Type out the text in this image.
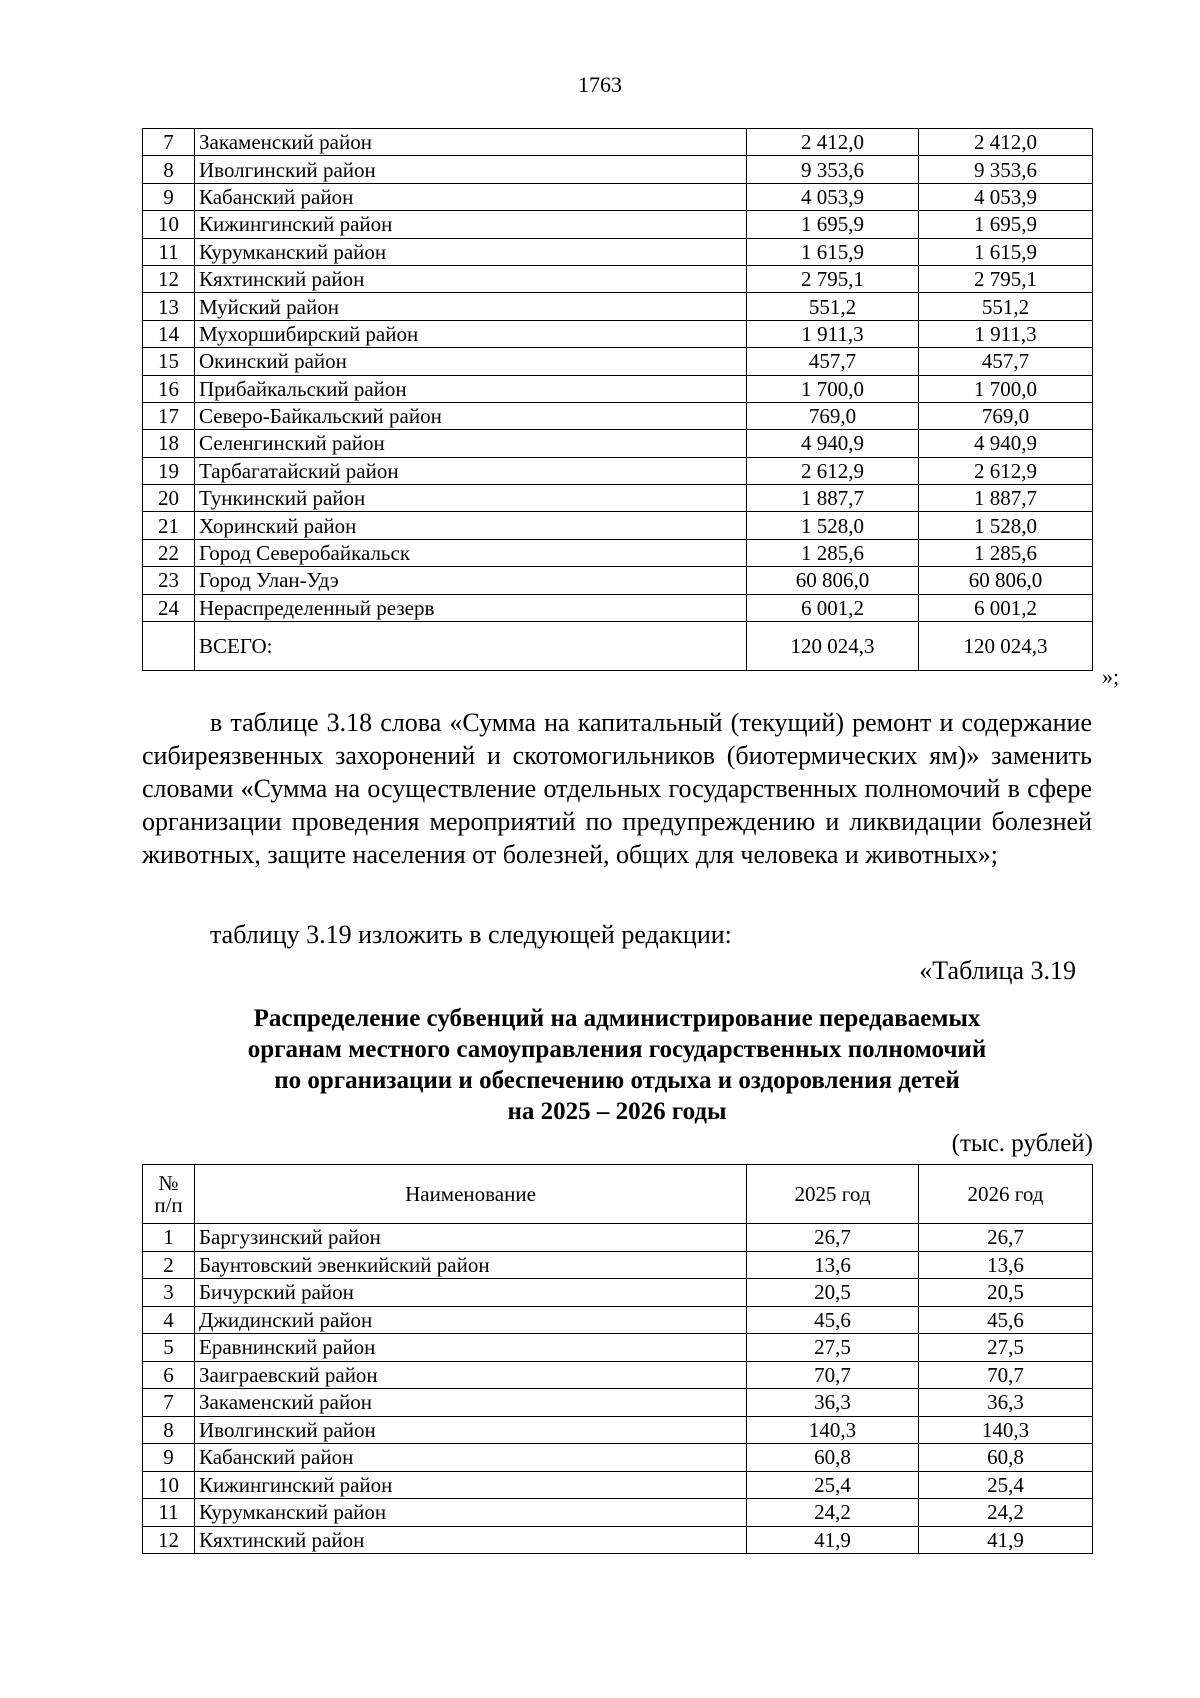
1763
7	Закаменский район	2 412,0	2 412,0
8	Иволгинский район	9 353,6	9 353,6
9	Кабанский район	4 053,9	4 053,9
10	Кижингинский район	1 695,9	1 695,9
11	Курумканский район	1 615,9	1 615,9
12	Кяхтинский район	2 795,1	2 795,1
13	Муйский район	551,2	551,2
14	Мухоршибирский район	1 911,3	1 911,3
15	Окинский район	457,7	457,7
16	Прибайкальский район	1 700,0	1 700,0
17	Северо-Байкальский район	769,0	769,0
18	Селенгинский район	4 940,9	4 940,9
19	Тарбагатайский район	2 612,9	2 612,9
20	Тункинский район	1 887,7	1 887,7
21	Хоринский район	1 528,0	1 528,0
22	Город Северобайкальск	1 285,6	1 285,6
23	Город Улан-Удэ	60 806,0	60 806,0
24	Нераспределенный резерв	6 001,2	6 001,2
	ВСЕГО:	120 024,3	120 024,3
»;
в таблице 3.18 слова «Сумма на капитальный (текущий) ремонт и содержание сибиреязвенных захоронений и скотомогильников (биотермических ям)» заменить словами «Сумма на осуществление отдельных государственных полномочий в сфере организации проведения мероприятий по предупреждению и ликвидации болезней животных, защите населения от болезней, общих для человека и животных»;
таблицу 3.19 изложить в следующей редакции:
«Таблица 3.19
Распределение субвенций на администрирование передаваемых
органам местного самоуправления государственных полномочий
по организации и обеспечению отдыха и оздоровления детей
на 2025 – 2026 годы
(тыс. рублей)
№
п/п	Наименование	2025 год	2026 год
1	Баргузинский район	26,7	26,7
2	Баунтовский эвенкийский район	13,6	13,6
3	Бичурский район	20,5	20,5
4	Джидинский район	45,6	45,6
5	Еравнинский район	27,5	27,5
6	Заиграевский район	70,7	70,7
7	Закаменский район	36,3	36,3
8	Иволгинский район	140,3	140,3
9	Кабанский район	60,8	60,8
10	Кижингинский район	25,4	25,4
11	Курумканский район	24,2	24,2
12	Кяхтинский район	41,9	41,9
